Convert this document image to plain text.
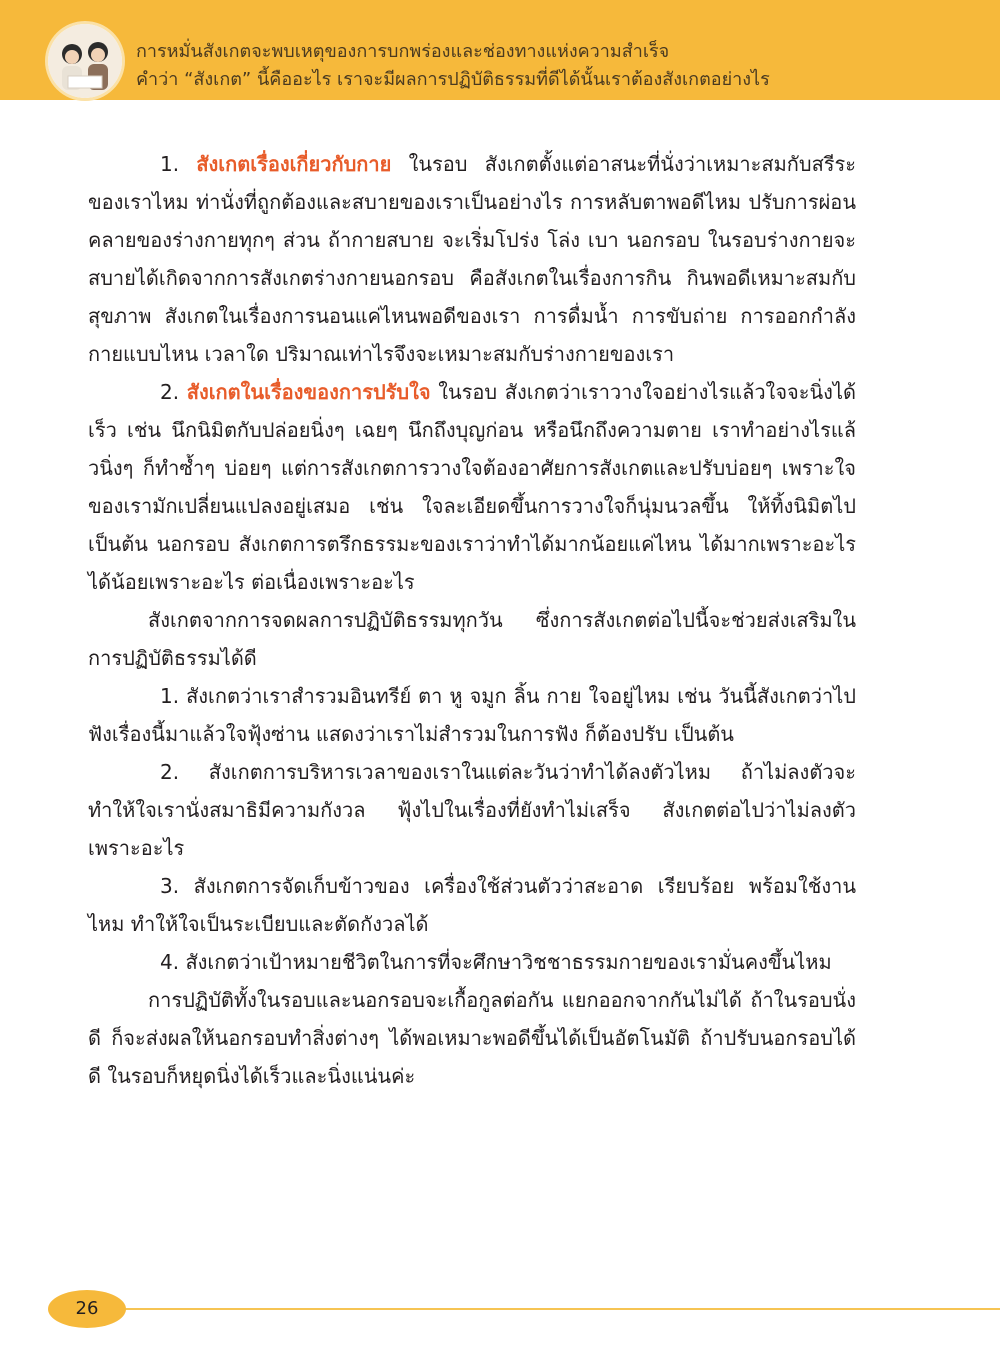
การหมั่นสังเกตจะพบเหตุของการบกพร่องและช่องทางแห่งความสำเร็จ
คำว่า “สังเกต” นี้คืออะไร เราจะมีผลการปฏิบัติธรรมที่ดีได้นั้นเราต้องสังเกตอย่างไร

1. สังเกตเรื่องเกี่ยวกับกาย ในรอบ สังเกตตั้งแต่อาสนะที่นั่งว่าเหมาะสมกับสรีระของเราไหม ท่านั่งที่ถูกต้องและสบายของเราเป็นอย่างไร การหลับตาพอดีไหม ปรับการผ่อนคลายของร่างกายทุกๆ ส่วน ถ้ากายสบาย จะเริ่มโปร่ง โล่ง เบา นอกรอบ ในรอบร่างกายจะสบายได้เกิดจากการสังเกตร่างกายนอกรอบ คือสังเกตในเรื่องการกิน กินพอดีเหมาะสมกับสุขภาพ สังเกตในเรื่องการนอนแค่ไหนพอดีของเรา การดื่มน้ำ การขับถ่าย การออกกำลังกายแบบไหน เวลาใด ปริมาณเท่าไรจึงจะเหมาะสมกับร่างกายของเรา

2. สังเกตในเรื่องของการปรับใจ ในรอบ สังเกตว่าเราวางใจอย่างไรแล้วใจจะนิ่งได้เร็ว เช่น นึกนิมิตกับปล่อยนิ่งๆ เฉยๆ นึกถึงบุญก่อน หรือนึกถึงความตาย เราทำอย่างไรแล้วนิ่งๆ ก็ทำซ้ำๆ บ่อยๆ แต่การสังเกตการวางใจต้องอาศัยการสังเกตและปรับบ่อยๆ เพราะใจของเรามักเปลี่ยนแปลงอยู่เสมอ เช่น ใจละเอียดขึ้นการวางใจก็นุ่มนวลขึ้น ให้ทิ้งนิมิตไปเป็นต้น นอกรอบ สังเกตการตรึกธรรมะของเราว่าทำได้มากน้อยแค่ไหน ได้มากเพราะอะไร ได้น้อยเพราะอะไร ต่อเนื่องเพราะอะไร

สังเกตจากการจดผลการปฏิบัติธรรมทุกวัน ซึ่งการสังเกตต่อไปนี้จะช่วยส่งเสริมในการปฏิบัติธรรมได้ดี

1. สังเกตว่าเราสำรวมอินทรีย์ ตา หู จมูก ลิ้น กาย ใจอยู่ไหม เช่น วันนี้สังเกตว่าไปฟังเรื่องนี้มาแล้วใจฟุ้งซ่าน แสดงว่าเราไม่สำรวมในการฟัง ก็ต้องปรับ เป็นต้น

2. สังเกตการบริหารเวลาของเราในแต่ละวันว่าทำได้ลงตัวไหม ถ้าไม่ลงตัวจะทำให้ใจเรานั่งสมาธิมีความกังวล ฟุ้งไปในเรื่องที่ยังทำไม่เสร็จ สังเกตต่อไปว่าไม่ลงตัวเพราะอะไร

3. สังเกตการจัดเก็บข้าวของ เครื่องใช้ส่วนตัวว่าสะอาด เรียบร้อย พร้อมใช้งานไหม ทำให้ใจเป็นระเบียบและตัดกังวลได้

4. สังเกตว่าเป้าหมายชีวิตในการที่จะศึกษาวิชชาธรรมกายของเรามั่นคงขึ้นไหม

การปฏิบัติทั้งในรอบและนอกรอบจะเกื้อกูลต่อกัน แยกออกจากกันไม่ได้ ถ้าในรอบนั่งดี ก็จะส่งผลให้นอกรอบทำสิ่งต่างๆ ได้พอเหมาะพอดีขึ้นได้เป็นอัตโนมัติ ถ้าปรับนอกรอบได้ดี ในรอบก็หยุดนิ่งได้เร็วและนิ่งแน่นค่ะ

26
